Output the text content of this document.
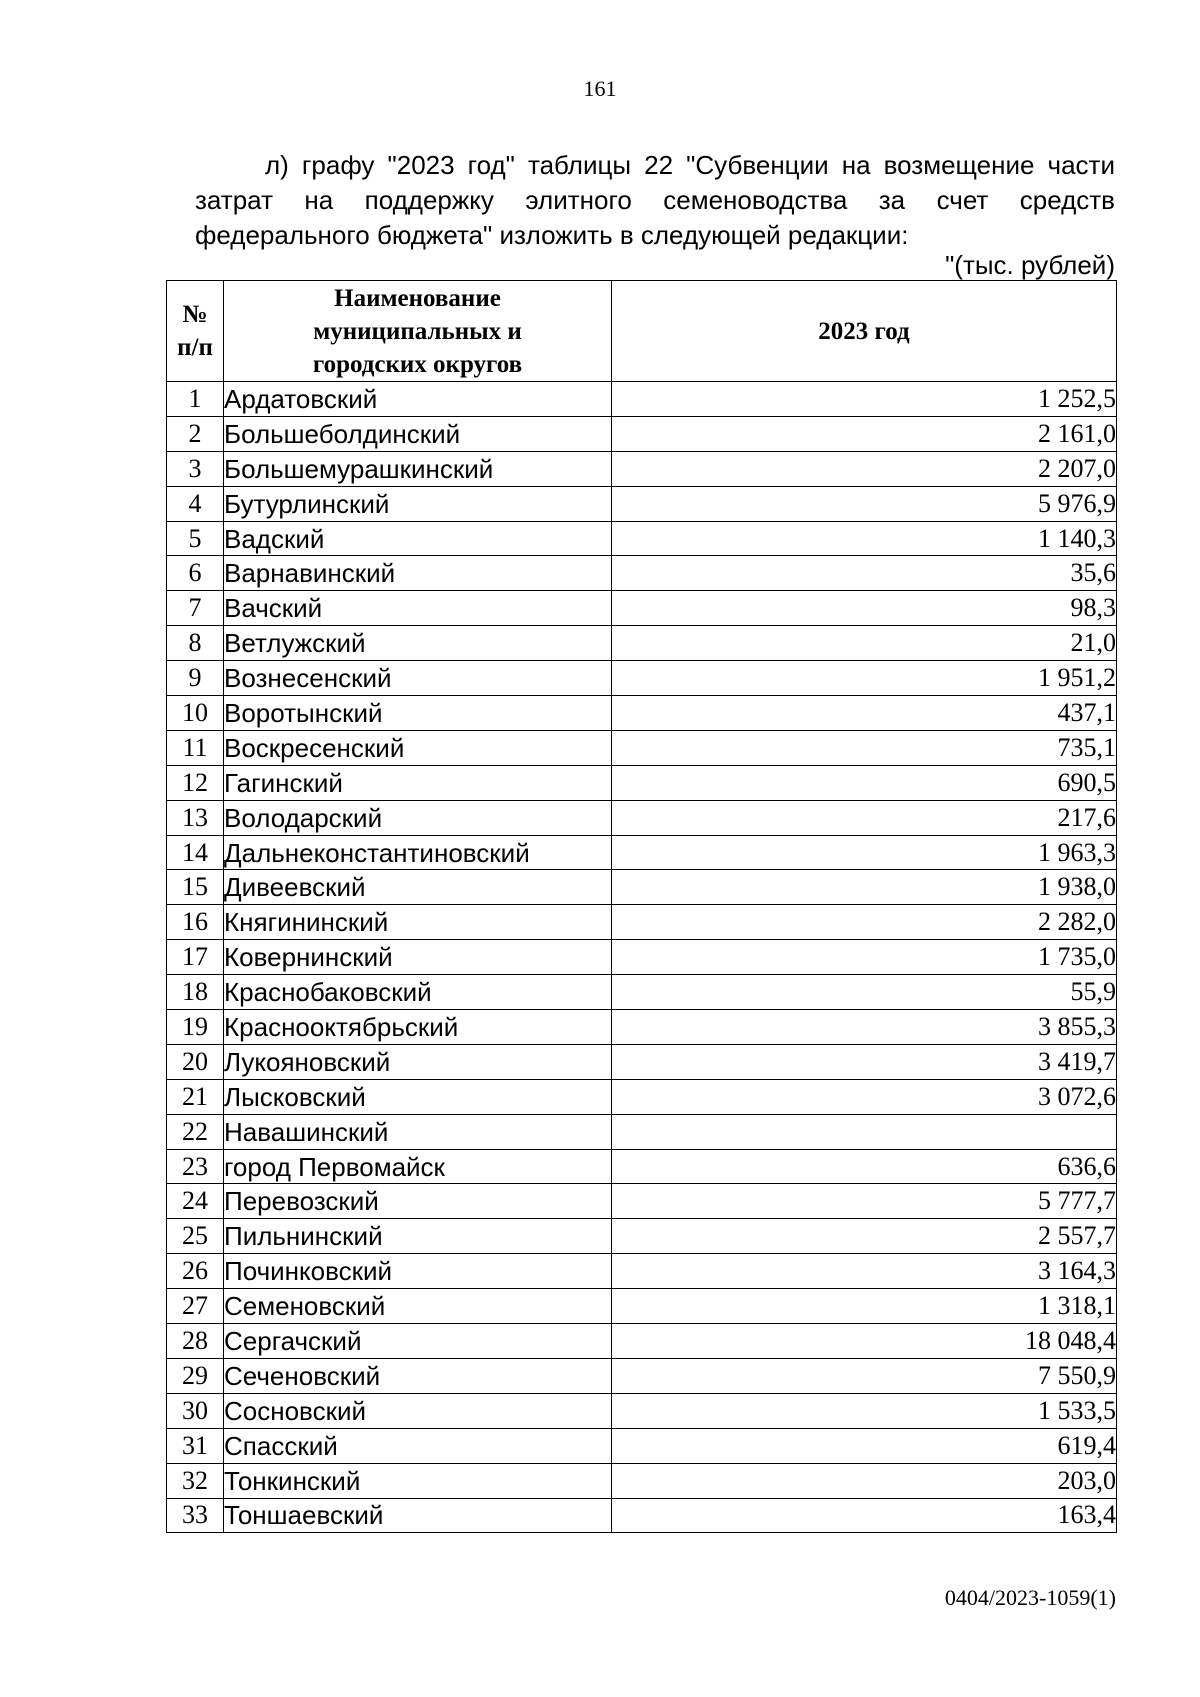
161

л) графу "2023 год" таблицы 22 "Субвенции на возмещение части затрат на поддержку элитного семеноводства за счет средств федерального бюджета" изложить в следующей редакции:

"(тыс. рублей)
№ п/п	Наименование муниципальных и городских округов	2023 год
1	Ардатовский	1 252,5
2	Большеболдинский	2 161,0
3	Большемурашкинский	2 207,0
4	Бутурлинский	5 976,9
5	Вадский	1 140,3
6	Варнавинский	35,6
7	Вачский	98,3
8	Ветлужский	21,0
9	Вознесенский	1 951,2
10	Воротынский	437,1
11	Воскресенский	735,1
12	Гагинский	690,5
13	Володарский	217,6
14	Дальнеконстантиновский	1 963,3
15	Дивеевский	1 938,0
16	Княгининский	2 282,0
17	Ковернинский	1 735,0
18	Краснобаковский	55,9
19	Краснооктябрьский	3 855,3
20	Лукояновский	3 419,7
21	Лысковский	3 072,6
22	Навашинский	
23	город Первомайск	636,6
24	Перевозский	5 777,7
25	Пильнинский	2 557,7
26	Починковский	3 164,3
27	Семеновский	1 318,1
28	Сергачский	18 048,4
29	Сеченовский	7 550,9
30	Сосновский	1 533,5
31	Спасский	619,4
32	Тонкинский	203,0
33	Тоншаевский	163,4
0404/2023-1059(1)
